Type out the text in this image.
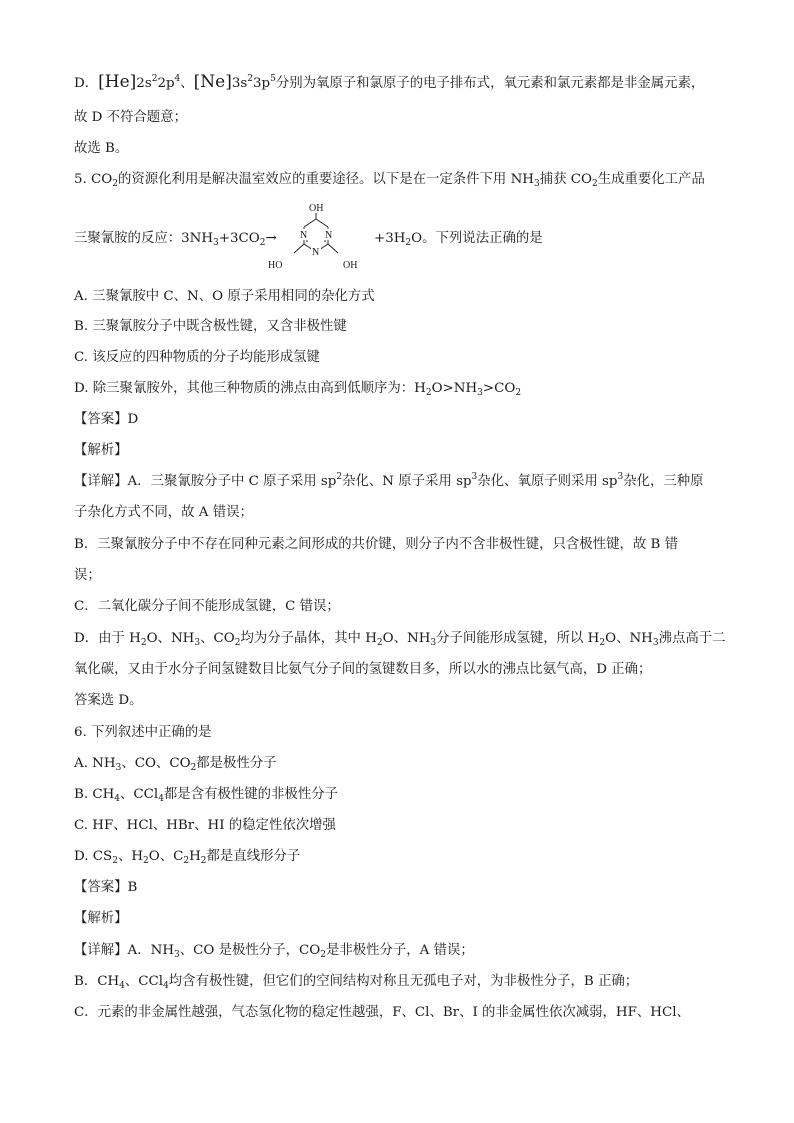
D．$[He]2s^22p^4$、$[Ne]3s^23p^5$分别为氧原子和氯原子的电子排布式，氧元素和氯元素都是非金属元素，
故 D 不符合题意；
故选 B。
5. $CO_2$的资源化利用是解决温室效应的重要途径。以下是在一定条件下用 $NH_3$捕获 $CO_2$生成重要化工产品
三聚氰胺的反应：$3NH_3+3CO_2\to$	$+3H_2O$。下列说法正确的是
OH
N N
N
HO	OH
A. 三聚氰胺中 C、N、O 原子采用相同的杂化方式
B. 三聚氰胺分子中既含极性键，又含非极性键
C. 该反应的四种物质的分子均能形成氢键
D. 除三聚氰胺外，其他三种物质的沸点由高到低顺序为：$H_2O>NH_3>CO_2$
【答案】D
【解析】
【详解】A．三聚氰胺分子中 C 原子采用 $sp^2$杂化、N 原子采用 $sp^3$杂化、氧原子则采用 $sp^3$杂化，三种原
子杂化方式不同，故 A 错误；
B．三聚氰胺分子中不存在同种元素之间形成的共价键，则分子内不含非极性键，只含极性键，故 B 错
误；
C．二氧化碳分子间不能形成氢键，C 错误；
D．由于 $H_2O$、$NH_3$、$CO_2$均为分子晶体，其中 $H_2O$、$NH_3$分子间能形成氢键，所以 $H_2O$、$NH_3$沸点高于二
氧化碳，又由于水分子间氢键数目比氨气分子间的氢键数目多，所以水的沸点比氨气高，D 正确；
答案选 D。
6. 下列叙述中正确的是
A. $NH_3$、CO、$CO_2$都是极性分子
B. $CH_4$、CCl$_4$都是含有极性键的非极性分子
C. HF、HCl、HBr、HI 的稳定性依次增强
D. $CS_2$、$H_2O$、$C_2H_2$都是直线形分子
【答案】B
【解析】
【详解】A．$NH_3$、CO 是极性分子，$CO_2$是非极性分子，A 错误；
B．$CH_4$、CCl$_4$均含有极性键，但它们的空间结构对称且无孤电子对，为非极性分子，B 正确；
C．元素的非金属性越强，气态氢化物的稳定性越强，F、Cl、Br、I 的非金属性依次减弱，HF、HCl、
